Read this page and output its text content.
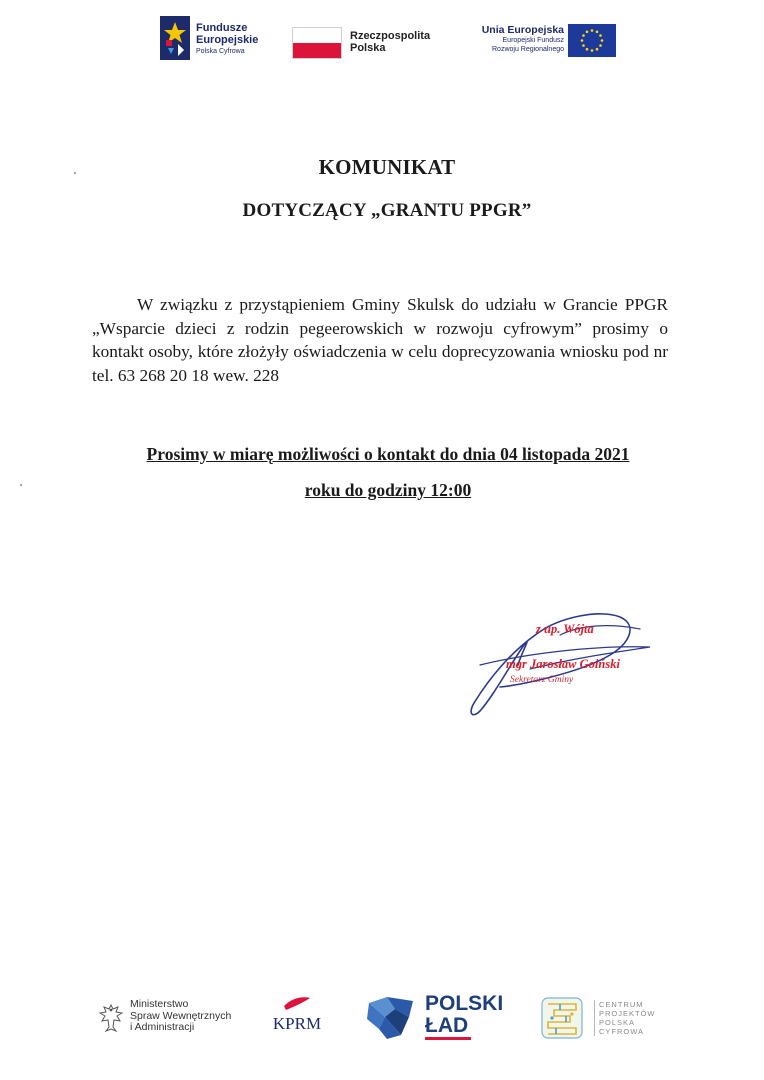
Fundusze
Europejskie
Polska Cyfrowa
Rzeczpospolita
Polska
Unia Europejska
Europejski Fundusz
Rozwoju Regionalnego
KOMUNIKAT
DOTYCZĄCY „GRANTU PPGR”
W związku z przystąpieniem Gminy Skulsk do udziału w Grancie PPGR „Wsparcie dzieci z rodzin pegeerowskich w rozwoju cyfrowym” prosimy o kontakt osoby, które złożyły oświadczenia w celu doprecyzowania wniosku pod nr tel. 63 268 20 18 wew. 228
Prosimy w miarę możliwości o kontakt do dnia 04 listopada 2021
roku do godziny 12:00
z up. Wójta
mgr Jarosław Goiński
Sekretarz Gminy
Ministerstwo
Spraw Wewnętrznych
i Administracji	KPRM
POLSKI
ŁAD
CENTRUM
PROJEKTÓW
POLSKA
CYFROWA
